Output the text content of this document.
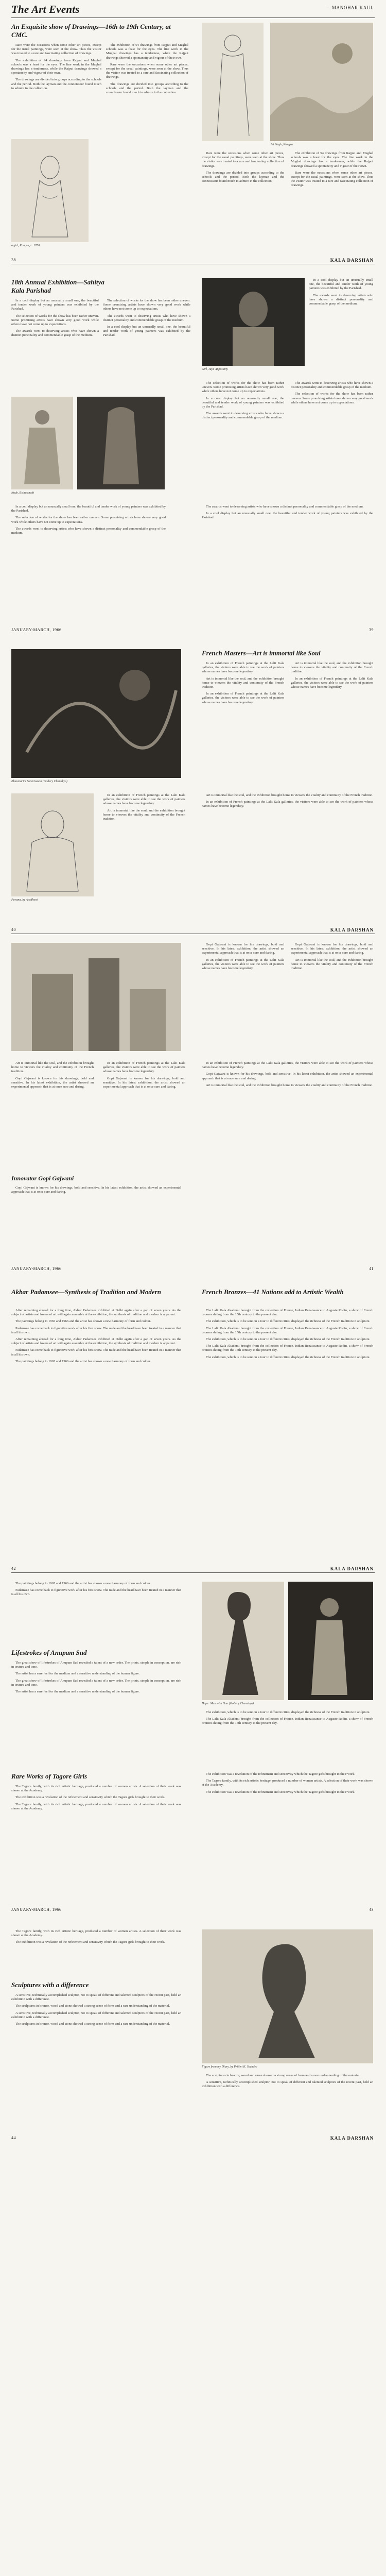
The Art Events	— MANOHAR KAUL
An Exquisite show of Drawings—16th to 19th Century, at CMC.

Rare were the occasions when some other art pieces, except for the usual paintings, were seen at the show. Thus the visitor was treated to a rare and fascinating collection of drawings.

The exhibition of 94 drawings from Rajput and Mughal schools was a feast for the eyes. The line work in the Mughal drawings has a tenderness, while the Rajput drawings showed a spontaneity and vigour of their own.

The drawings are divided into groups according to the schools and the period. Both the layman and the connoisseur found much to admire in the collection.

The exhibition of 94 drawings from Rajput and Mughal schools was a feast for the eyes. The line work in the Mughal drawings has a tenderness, while the Rajput drawings showed a spontaneity and vigour of their own.

Rare were the occasions when some other art pieces, except for the usual paintings, were seen at the show. Thus the visitor was treated to a rare and fascinating collection of drawings.

The drawings are divided into groups according to the schools and the period. Both the layman and the connoisseur found much to admire in the collection.

a girl, Kangra, c. 1780
Jai Singh, Kangra

Rare were the occasions when some other art pieces, except for the usual paintings, were seen at the show. Thus the visitor was treated to a rare and fascinating collection of drawings.

The drawings are divided into groups according to the schools and the period. Both the layman and the connoisseur found much to admire in the collection.

The exhibition of 94 drawings from Rajput and Mughal schools was a feast for the eyes. The line work in the Mughal drawings has a tenderness, while the Rajput drawings showed a spontaneity and vigour of their own.

Rare were the occasions when some other art pieces, except for the usual paintings, were seen at the show. Thus the visitor was treated to a rare and fascinating collection of drawings.

38	KALA DARSHAN
18th Annual Exhibition—Sahitya Kala Parishad

In a cool display but an unusually small one, the beautiful and tender work of young painters was exhibited by the Parishad.

The selection of works for the show has been rather uneven. Some promising artists have shown very good work while others have not come up to expectations.

The awards went to deserving artists who have shown a distinct personality and commendable grasp of the medium.

The selection of works for the show has been rather uneven. Some promising artists have shown very good work while others have not come up to expectations.

The awards went to deserving artists who have shown a distinct personality and commendable grasp of the medium.

In a cool display but an unusually small one, the beautiful and tender work of young painters was exhibited by the Parishad.

Girl, Jaya Appasamy

In a cool display but an unusually small one, the beautiful and tender work of young painters was exhibited by the Parishad.

The awards went to deserving artists who have shown a distinct personality and commendable grasp of the medium.

Nude, Bishwanath

The selection of works for the show has been rather uneven. Some promising artists have shown very good work while others have not come up to expectations.

In a cool display but an unusually small one, the beautiful and tender work of young painters was exhibited by the Parishad.

The awards went to deserving artists who have shown a distinct personality and commendable grasp of the medium.

The awards went to deserving artists who have shown a distinct personality and commendable grasp of the medium.

The selection of works for the show has been rather uneven. Some promising artists have shown very good work while others have not come up to expectations.

In a cool display but an unusually small one, the beautiful and tender work of young painters was exhibited by the Parishad.

The selection of works for the show has been rather uneven. Some promising artists have shown very good work while others have not come up to expectations.

The awards went to deserving artists who have shown a distinct personality and commendable grasp of the medium.

The awards went to deserving artists who have shown a distinct personality and commendable grasp of the medium.

In a cool display but an unusually small one, the beautiful and tender work of young painters was exhibited by the Parishad.

JANUARY-MARCH, 1966	39
Bhavatarini Sreenivasan (Gallery Chanakya)
French Masters—Art is immortal like Soul

In an exhibition of French paintings at the Lalit Kala galleries, the visitors were able to see the work of painters whose names have become legendary.

Art is immortal like the soul, and the exhibition brought home to viewers the vitality and continuity of the French tradition.

In an exhibition of French paintings at the Lalit Kala galleries, the visitors were able to see the work of painters whose names have become legendary.

Art is immortal like the soul, and the exhibition brought home to viewers the vitality and continuity of the French tradition.

In an exhibition of French paintings at the Lalit Kala galleries, the visitors were able to see the work of painters whose names have become legendary.

Pavana, by Avadhoot

In an exhibition of French paintings at the Lalit Kala galleries, the visitors were able to see the work of painters whose names have become legendary.

Art is immortal like the soul, and the exhibition brought home to viewers the vitality and continuity of the French tradition.

Art is immortal like the soul, and the exhibition brought home to viewers the vitality and continuity of the French tradition.

In an exhibition of French paintings at the Lalit Kala galleries, the visitors were able to see the work of painters whose names have become legendary.

40	KALA DARSHAN

Gopi Gajwani is known for his drawings, bold and sensitive. In his latest exhibition, the artist showed an experimental approach that is at once sure and daring.

In an exhibition of French paintings at the Lalit Kala galleries, the visitors were able to see the work of painters whose names have become legendary.

Gopi Gajwani is known for his drawings, bold and sensitive. In his latest exhibition, the artist showed an experimental approach that is at once sure and daring.

Art is immortal like the soul, and the exhibition brought home to viewers the vitality and continuity of the French tradition.

Art is immortal like the soul, and the exhibition brought home to viewers the vitality and continuity of the French tradition.

Gopi Gajwani is known for his drawings, bold and sensitive. In his latest exhibition, the artist showed an experimental approach that is at once sure and daring.

In an exhibition of French paintings at the Lalit Kala galleries, the visitors were able to see the work of painters whose names have become legendary.

Gopi Gajwani is known for his drawings, bold and sensitive. In his latest exhibition, the artist showed an experimental approach that is at once sure and daring.

Innovator Gopi Gajwani

Gopi Gajwani is known for his drawings, bold and sensitive. In his latest exhibition, the artist showed an experimental approach that is at once sure and daring.

In an exhibition of French paintings at the Lalit Kala galleries, the visitors were able to see the work of painters whose names have become legendary.

Gopi Gajwani is known for his drawings, bold and sensitive. In his latest exhibition, the artist showed an experimental approach that is at once sure and daring.

Art is immortal like the soul, and the exhibition brought home to viewers the vitality and continuity of the French tradition.

JANUARY-MARCH, 1966	41
Akbar Padamsee—Synthesis of Tradition and Modern

After remaining abroad for a long time, Akbar Padamsee exhibited at Delhi again after a gap of seven years. As the subject of artists and lovers of art will again assemble at the exhibition, the synthesis of tradition and modern is apparent.

The paintings belong to 1965 and 1966 and the artist has shown a new harmony of form and colour.

Padamsee has come back to figurative work after his first show. The nude and the head have been treated in a manner that is all his own.

After remaining abroad for a long time, Akbar Padamsee exhibited at Delhi again after a gap of seven years. As the subject of artists and lovers of art will again assemble at the exhibition, the synthesis of tradition and modern is apparent.

Padamsee has come back to figurative work after his first show. The nude and the head have been treated in a manner that is all his own.

The paintings belong to 1965 and 1966 and the artist has shown a new harmony of form and colour.

French Bronzes—41 Nations add to Artistic Wealth

The Lalit Kala Akademi brought from the collection of France, Indian Renaissance to Auguste Rodin, a show of French bronzes dating from the 15th century to the present day.

The exhibition, which is to be sent on a tour to different cities, displayed the richness of the French tradition in sculpture.

The Lalit Kala Akademi brought from the collection of France, Indian Renaissance to Auguste Rodin, a show of French bronzes dating from the 15th century to the present day.

The exhibition, which is to be sent on a tour to different cities, displayed the richness of the French tradition in sculpture.

The Lalit Kala Akademi brought from the collection of France, Indian Renaissance to Auguste Rodin, a show of French bronzes dating from the 15th century to the present day.

The exhibition, which is to be sent on a tour to different cities, displayed the richness of the French tradition in sculpture.

42	KALA DARSHAN

The paintings belong to 1965 and 1966 and the artist has shown a new harmony of form and colour.

Padamsee has come back to figurative work after his first show. The nude and the head have been treated in a manner that is all his own.

Lifestrokes of Anupam Sud

The great show of lifestrokes of Anupam Sud revealed a talent of a new order. The prints, simple in conception, are rich in texture and tone.

The artist has a sure feel for the medium and a sensitive understanding of the human figure.

The great show of lifestrokes of Anupam Sud revealed a talent of a new order. The prints, simple in conception, are rich in texture and tone.

The artist has a sure feel for the medium and a sensitive understanding of the human figure.

Hope: Man with Gun (Gallery Chanakya)

The exhibition, which is to be sent on a tour to different cities, displayed the richness of the French tradition in sculpture.

The Lalit Kala Akademi brought from the collection of France, Indian Renaissance to Auguste Rodin, a show of French bronzes dating from the 15th century to the present day.

Rare Works of Tagore Girls

The Tagore family, with its rich artistic heritage, produced a number of women artists. A selection of their work was shown at the Academy.

The exhibition was a revelation of the refinement and sensitivity which the Tagore girls brought to their work.

The Tagore family, with its rich artistic heritage, produced a number of women artists. A selection of their work was shown at the Academy.

The exhibition was a revelation of the refinement and sensitivity which the Tagore girls brought to their work.

The Tagore family, with its rich artistic heritage, produced a number of women artists. A selection of their work was shown at the Academy.

The exhibition was a revelation of the refinement and sensitivity which the Tagore girls brought to their work.

JANUARY-MARCH, 1966	43

The Tagore family, with its rich artistic heritage, produced a number of women artists. A selection of their work was shown at the Academy.

The exhibition was a revelation of the refinement and sensitivity which the Tagore girls brought to their work.

Sculptures with a difference

A sensitive, technically accomplished sculptor, not to speak of different and talented sculptors of the recent past, held an exhibition with a difference.

The sculptures in bronze, wood and stone showed a strong sense of form and a rare understanding of the material.

A sensitive, technically accomplished sculptor, not to speak of different and talented sculptors of the recent past, held an exhibition with a difference.

The sculptures in bronze, wood and stone showed a strong sense of form and a rare understanding of the material.

Figure from my Diary, by Prithvi K. Sachdev

The sculptures in bronze, wood and stone showed a strong sense of form and a rare understanding of the material.

A sensitive, technically accomplished sculptor, not to speak of different and talented sculptors of the recent past, held an exhibition with a difference.

44	KALA DARSHAN
